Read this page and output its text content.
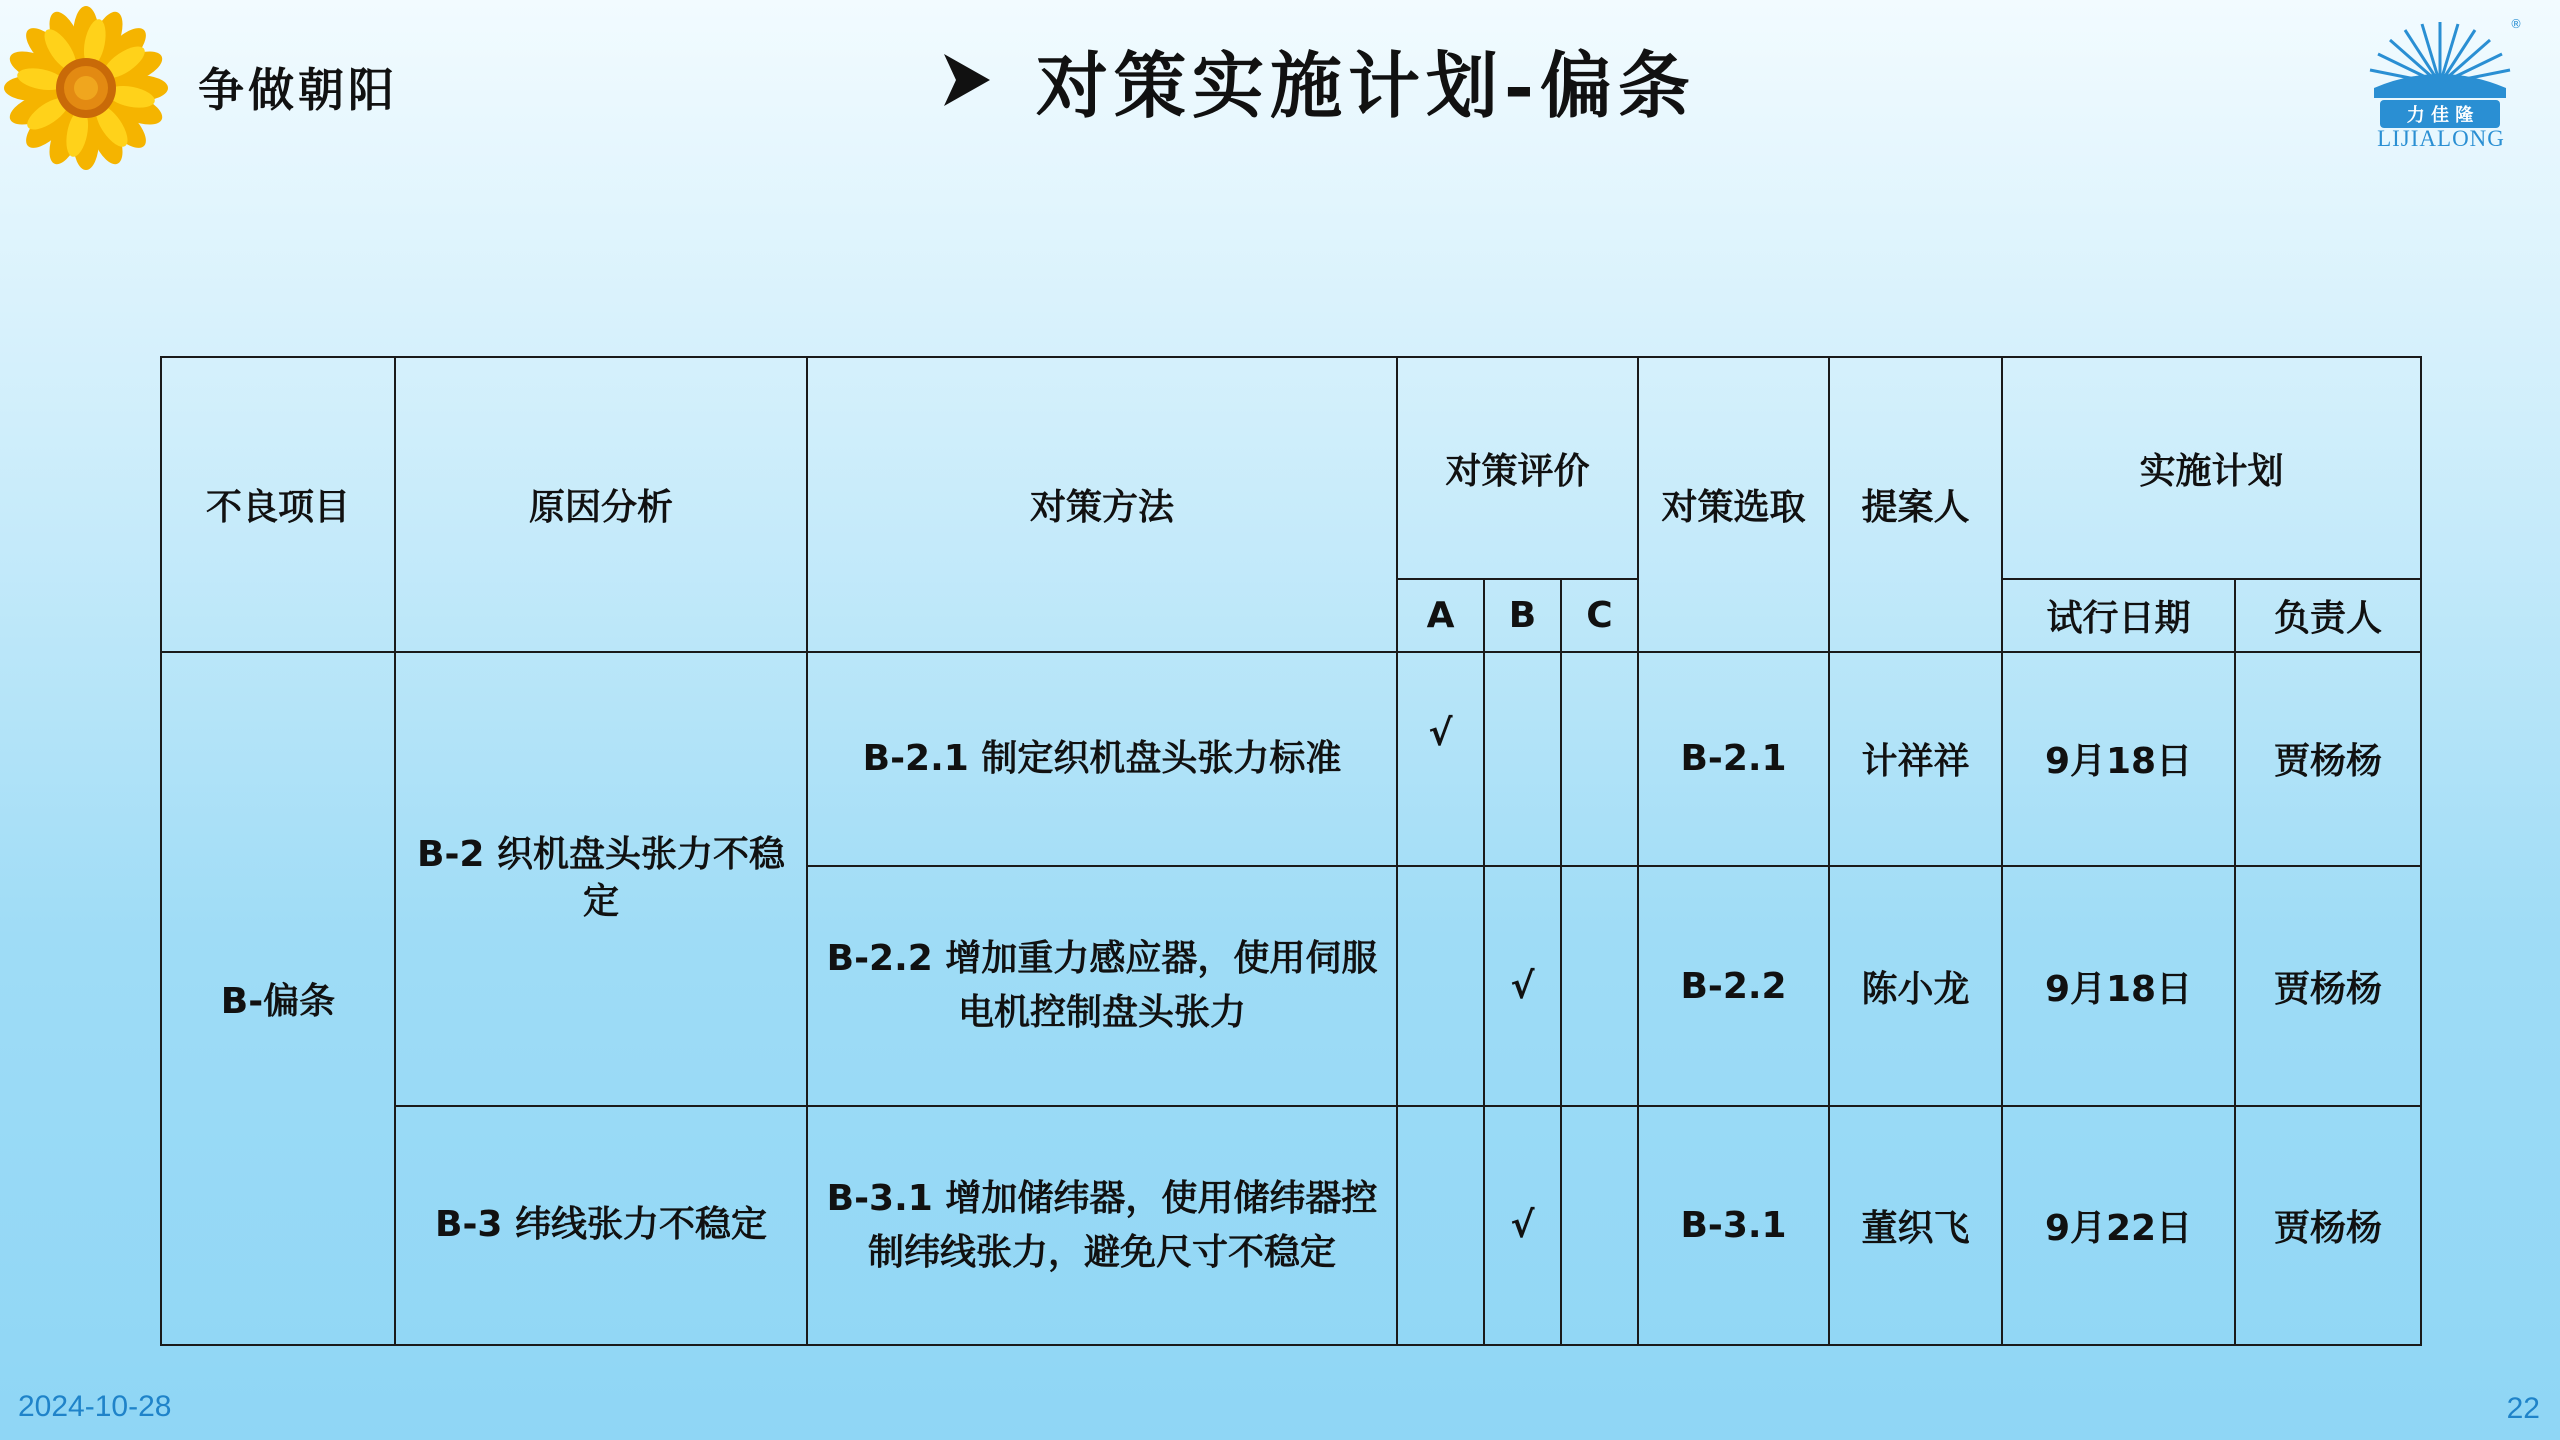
争做朝阳	对策实施计划-偏条	力 佳 隆
®
LIJIALONG
不良项目	原因分析	对策方法	对策评价			对策选取	提案人	实施计划	
			A	B	C			试行日期	负责人
B-偏条	B-2 织机盘头张力不稳定	B-2.1 制定织机盘头张力标准	√			B-2.1	计祥祥	9月18日	贾杨杨
		B-2.2 增加重力感应器，使用伺服电机控制盘头张力		√		B-2.2	陈小龙	9月18日	贾杨杨
	B-3 纬线张力不稳定	B-3.1 增加储纬器，使用储纬器控制纬线张力，避免尺寸不稳定		√		B-3.1	董织飞	9月22日	贾杨杨
2024-10-28	22
